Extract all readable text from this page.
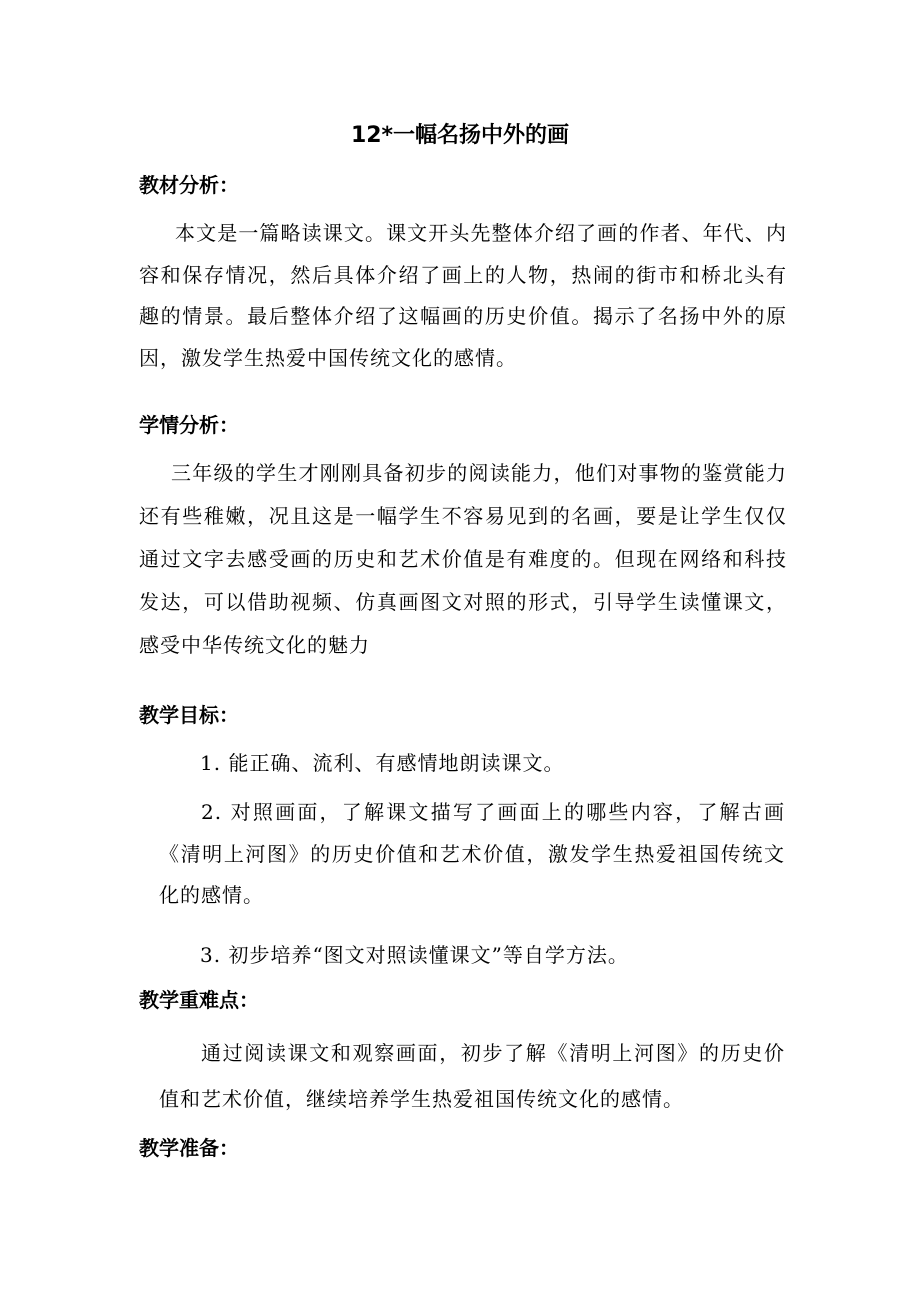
12*一幅名扬中外的画
教材分析：
本文是一篇略读课文。课文开头先整体介绍了画的作者、年代、内容和保存情况，然后具体介绍了画上的人物，热闹的街市和桥北头有趣的情景。最后整体介绍了这幅画的历史价值。揭示了名扬中外的原因，激发学生热爱中国传统文化的感情。
学情分析：
三年级的学生才刚刚具备初步的阅读能力，他们对事物的鉴赏能力还有些稚嫩，况且这是一幅学生不容易见到的名画，要是让学生仅仅通过文字去感受画的历史和艺术价值是有难度的。但现在网络和科技发达，可以借助视频、仿真画图文对照的形式，引导学生读懂课文，感受中华传统文化的魅力
教学目标：
1. 能正确、流利、有感情地朗读课文。
2. 对照画面，了解课文描写了画面上的哪些内容，了解古画《清明上河图》的历史价值和艺术价值，激发学生热爱祖国传统文化的感情。
3. 初步培养“图文对照读懂课文”等自学方法。
教学重难点：
通过阅读课文和观察画面，初步了解《清明上河图》的历史价值和艺术价值，继续培养学生热爱祖国传统文化的感情。
教学准备：
